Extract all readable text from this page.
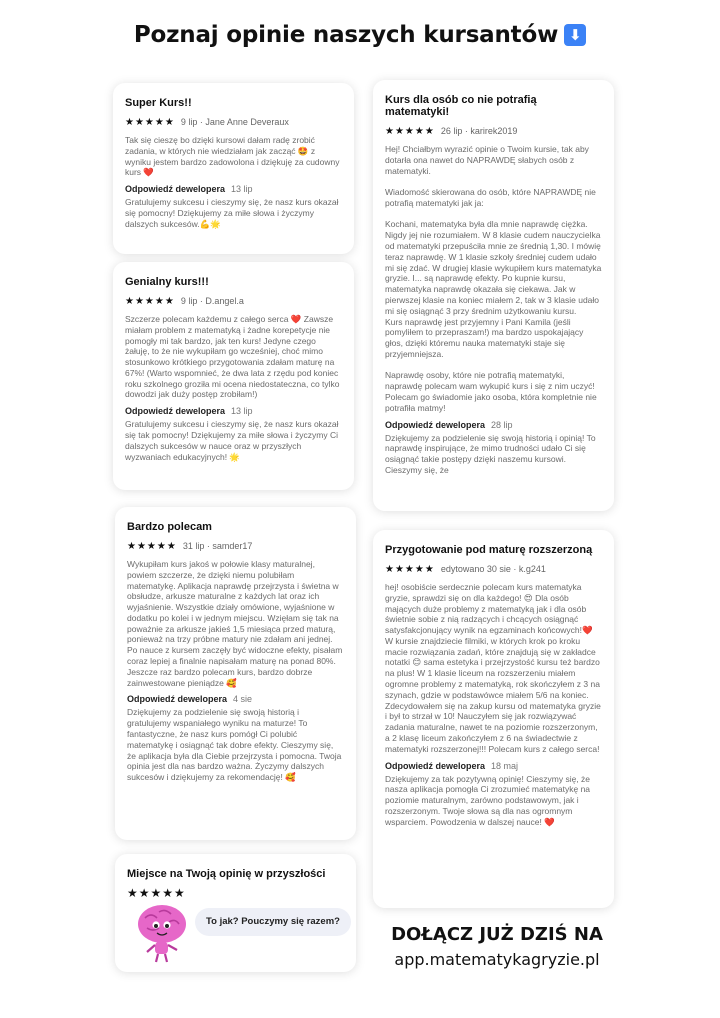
Poznaj opinie naszych kursantów ⬇
Super Kurs!!
★★★★★ 9 lip · Jane Anne Deveraux
Tak się cieszę bo dzięki kursowi dałam radę zrobić zadania, w których nie wiedziałam jak zacząć 🤩 z wyniku jestem bardzo zadowolona i dziękuję za cudowny kurs ❤️
Odpowiedź dewelopera 13 lip
Gratulujemy sukcesu i cieszymy się, że nasz kurs okazał się pomocny! Dziękujemy za miłe słowa i życzymy dalszych sukcesów.💪🌟
Genialny kurs!!!
★★★★★ 9 lip · D.angel.a
Szczerze polecam każdemu z całego serca ❤️ Zawsze miałam problem z matematyką i żadne korepetycje nie pomogły mi tak bardzo, jak ten kurs! Jedyne czego żałuję, to że nie wykupiłam go wcześniej, choć mimo stosunkowo krótkiego przygotowania zdałam maturę na 67%! (Warto wspomnieć, że dwa lata z rzędu pod koniec roku szkolnego groziła mi ocena niedostateczna, co tylko dowodzi jak duży postęp zrobiłam!)
Odpowiedź dewelopera 13 lip
Gratulujemy sukcesu i cieszymy się, że nasz kurs okazał się tak pomocny! Dziękujemy za miłe słowa i życzymy Ci dalszych sukcesów w nauce oraz w przyszłych wyzwaniach edukacyjnych! 🌟
Bardzo polecam
★★★★★ 31 lip · samder17
Wykupiłam kurs jakoś w połowie klasy maturalnej, powiem szczerze, że dzięki niemu polubiłam matematykę. Aplikacja naprawdę przejrzysta i świetna w obsłudze, arkusze maturalne z każdych lat oraz ich wyjaśnienie. Wszystkie działy omówione, wyjaśnione w dodatku po kolei i w jednym miejscu. Wzięłam się tak na poważnie za arkusze jakieś 1,5 miesiąca przed maturą, ponieważ na trzy próbne matury nie zdałam ani jednej. Po nauce z kursem zaczęły być widoczne efekty, pisałam coraz lepiej a finalnie napisałam maturę na ponad 80%. Jeszcze raz bardzo polecam kurs, bardzo dobrze zainwestowane pieniądze 🥰
Odpowiedź dewelopera 4 sie
Dziękujemy za podzielenie się swoją historią i gratulujemy wspaniałego wyniku na maturze! To fantastyczne, że nasz kurs pomógł Ci polubić matematykę i osiągnąć tak dobre efekty. Cieszymy się, że aplikacja była dla Ciebie przejrzysta i pomocna. Twoja opinia jest dla nas bardzo ważna. Życzymy dalszych sukcesów i dziękujemy za rekomendację! 🥰
Miejsce na Twoją opinię w przyszłości
★★★★★
To jak? Pouczymy się razem?
Kurs dla osób co nie potrafią matematyki!
★★★★★ 26 lip · karirek2019
Hej! Chciałbym wyrazić opinie o Twoim kursie, tak aby dotarła ona nawet do NAPRAWDĘ słabych osób z matematyki.

Wiadomość skierowana do osób, które NAPRAWDĘ nie potrafią matematyki jak ja:

Kochani, matematyka była dla mnie naprawdę ciężka. Nigdy jej nie rozumiałem. W 8 klasie cudem nauczycielka od matematyki przepuściła mnie ze średnią 1,30. I mówię teraz naprawdę. W 1 klasie szkoły średniej cudem udało mi się zdać. W drugiej klasie wykupiłem kurs matematyka gryzie. I... są naprawdę efekty. Po kupnie kursu, matematyka naprawdę okazała się ciekawa. Jak w pierwszej klasie na koniec miałem 2, tak w 3 klasie udało mi się osiągnąć 3 przy średnim użytkowaniu kursu.
Kurs naprawdę jest przyjemny i Pani Kamila (jeśli pomyliłem to przepraszam!) ma bardzo uspokajający głos, dzięki któremu nauka matematyki staje się przyjemniejsza.

Naprawdę osoby, które nie potrafią matematyki, naprawdę polecam wam wykupić kurs i się z nim uczyć!
Polecam go świadomie jako osoba, która kompletnie nie potrafiła matmy!
Odpowiedź dewelopera 28 lip
Dziękujemy za podzielenie się swoją historią i opinią! To naprawdę inspirujące, że mimo trudności udało Ci się osiągnąć takie postępy dzięki naszemu kursowi. Cieszymy się, że
Przygotowanie pod maturę rozszerzoną
★★★★★ edytowano 30 sie · k.g241
hej! osobiście serdecznie polecam kurs matematyka gryzie, sprawdzi się on dla każdego! 😍 Dla osób mających duże problemy z matematyką jak i dla osób świetnie sobie z nią radzących i chcących osiągnąć satysfakcjonujący wynik na egzaminach końcowych!❤️ W kursie znajdziecie filmiki, w których krok po kroku macie rozwiązania zadań, które znajdują się w zakładce notatki 😊 sama estetyka i przejrzystość kursu też bardzo na plus! W 1 klasie liceum na rozszerzeniu miałem ogromne problemy z matematyką, rok skończyłem z 3 na szynach, gdzie w podstawówce miałem 5/6 na koniec. Zdecydowałem się na zakup kursu od matematyka gryzie i był to strzał w 10! Nauczyłem się jak rozwiązywać zadania maturalne, nawet te na poziomie rozszerzonym, a 2 klasę liceum zakończyłem z 6 na świadectwie z matematyki rozszerzonej!!! Polecam kurs z całego serca!
Odpowiedź dewelopera 18 maj
Dziękujemy za tak pozytywną opinię! Cieszymy się, że nasza aplikacja pomogła Ci zrozumieć matematykę na poziomie maturalnym, zarówno podstawowym, jak i rozszerzonym. Twoje słowa są dla nas ogromnym wsparciem. Powodzenia w dalszej nauce! ❤️
DOŁĄCZ JUŻ DZIŚ NA
app.matematykagryzie.pl
